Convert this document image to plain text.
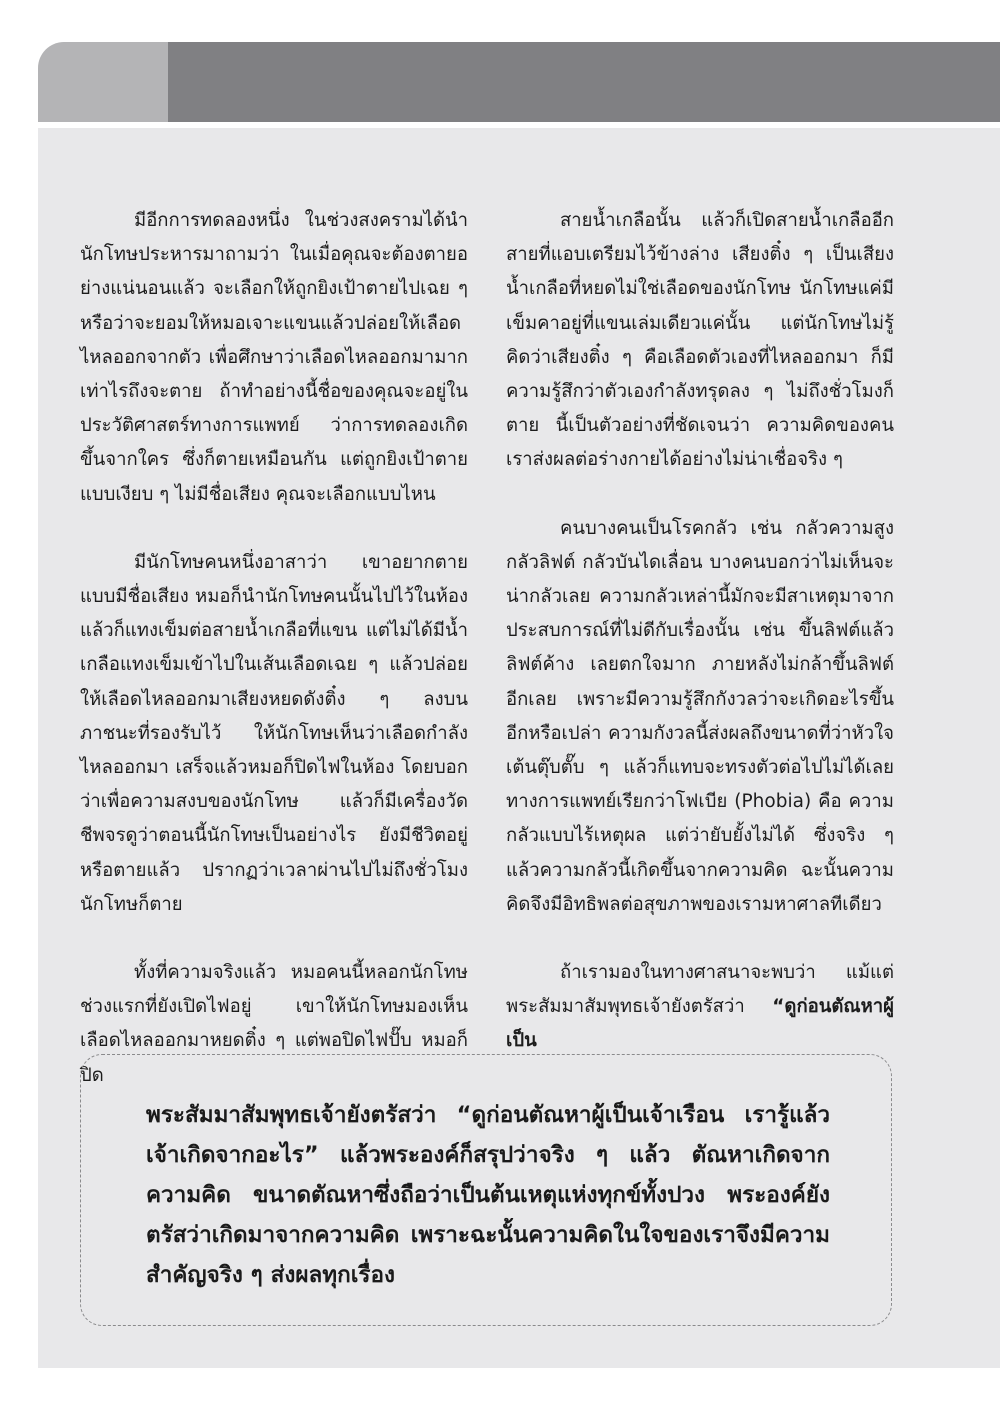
มีอีกการทดลองหนึ่ง ในช่วงสงครามได้นำนักโทษประหารมาถามว่า ในเมื่อคุณจะต้องตายอย่างแน่นอนแล้ว จะเลือกให้ถูกยิงเป้าตายไปเฉย ๆ หรือว่าจะยอมให้หมอเจาะแขนแล้วปล่อยให้เลือดไหลออกจากตัว เพื่อศึกษาว่าเลือดไหลออกมามากเท่าไรถึงจะตาย ถ้าทำอย่างนี้ชื่อของคุณจะอยู่ในประวัติศาสตร์ทางการแพทย์ ว่าการทดลองเกิดขึ้นจากใคร ซึ่งก็ตายเหมือนกัน แต่ถูกยิงเป้าตายแบบเงียบ ๆ ไม่มีชื่อเสียง คุณจะเลือกแบบไหน

มีนักโทษคนหนึ่งอาสาว่า เขาอยากตายแบบมีชื่อเสียง หมอก็นำนักโทษคนนั้นไปไว้ในห้อง แล้วก็แทงเข็มต่อสายน้ำเกลือที่แขน แต่ไม่ได้มีน้ำเกลือแทงเข็มเข้าไปในเส้นเลือดเฉย ๆ แล้วปล่อยให้เลือดไหลออกมาเสียงหยดดังติ๋ง ๆ ลงบนภาชนะที่รองรับไว้ ให้นักโทษเห็นว่าเลือดกำลังไหลออกมา เสร็จแล้วหมอก็ปิดไฟในห้อง โดยบอกว่าเพื่อความสงบของนักโทษ แล้วก็มีเครื่องวัดชีพจรดูว่าตอนนี้นักโทษเป็นอย่างไร ยังมีชีวิตอยู่หรือตายแล้ว ปรากฏว่าเวลาผ่านไปไม่ถึงชั่วโมงนักโทษก็ตาย

ทั้งที่ความจริงแล้ว หมอคนนี้หลอกนักโทษช่วงแรกที่ยังเปิดไฟอยู่ เขาให้นักโทษมองเห็นเลือดไหลออกมาหยดติ๋ง ๆ แต่พอปิดไฟปั๊บ หมอก็ปิด

สายน้ำเกลือนั้น แล้วก็เปิดสายน้ำเกลืออีกสายที่แอบเตรียมไว้ข้างล่าง เสียงติ๋ง ๆ เป็นเสียงน้ำเกลือที่หยดไม่ใช่เลือดของนักโทษ นักโทษแค่มีเข็มคาอยู่ที่แขนเล่มเดียวแค่นั้น แต่นักโทษไม่รู้ คิดว่าเสียงติ๋ง ๆ คือเลือดตัวเองที่ไหลออกมา ก็มีความรู้สึกว่าตัวเองกำลังทรุดลง ๆ ไม่ถึงชั่วโมงก็ตาย นี้เป็นตัวอย่างที่ชัดเจนว่า ความคิดของคนเราส่งผลต่อร่างกายได้อย่างไม่น่าเชื่อจริง ๆ

คนบางคนเป็นโรคกลัว เช่น กลัวความสูง กลัวลิฟต์ กลัวบันไดเลื่อน บางคนบอกว่าไม่เห็นจะน่ากลัวเลย ความกลัวเหล่านี้มักจะมีสาเหตุมาจากประสบการณ์ที่ไม่ดีกับเรื่องนั้น เช่น ขึ้นลิฟต์แล้วลิฟต์ค้าง เลยตกใจมาก ภายหลังไม่กล้าขึ้นลิฟต์อีกเลย เพราะมีความรู้สึกกังวลว่าจะเกิดอะไรขึ้นอีกหรือเปล่า ความกังวลนี้ส่งผลถึงขนาดที่ว่าหัวใจเต้นตุ๊บตั๊บ ๆ แล้วก็แทบจะทรงตัวต่อไปไม่ได้เลย ทางการแพทย์เรียกว่าโฟเบีย (Phobia) คือ ความกลัวแบบไร้เหตุผล แต่ว่ายับยั้งไม่ได้ ซึ่งจริง ๆ แล้วความกลัวนี้เกิดขึ้นจากความคิด ฉะนั้นความคิดจึงมีอิทธิพลต่อสุขภาพของเรามหาศาลทีเดียว

ถ้าเรามองในทางศาสนาจะพบว่า แม้แต่พระสัมมาสัมพุทธเจ้ายังตรัสว่า “ดูก่อนตัณหาผู้เป็น

พระสัมมาสัมพุทธเจ้ายังตรัสว่า “ดูก่อนตัณหาผู้เป็นเจ้าเรือน เรารู้แล้วเจ้าเกิดจากอะไร” แล้วพระองค์ก็สรุปว่าจริง ๆ แล้ว ตัณหาเกิดจากความคิด ขนาดตัณหาซึ่งถือว่าเป็นต้นเหตุแห่งทุกข์ทั้งปวง พระองค์ยังตรัสว่าเกิดมาจากความคิด เพราะฉะนั้นความคิดในใจของเราจึงมีความสำคัญจริง ๆ ส่งผลทุกเรื่อง
